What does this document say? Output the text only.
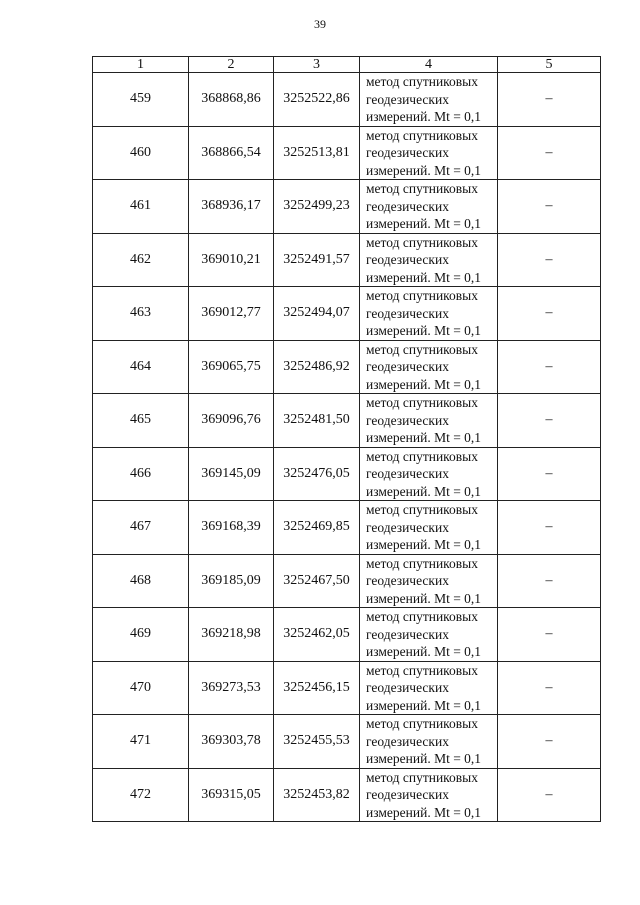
39
1	2	3	4	5
459	368868,86	3252522,86	метод спутниковых
геодезических
измерений. Mt = 0,1	–
460	368866,54	3252513,81	метод спутниковых
геодезических
измерений. Mt = 0,1	–
461	368936,17	3252499,23	метод спутниковых
геодезических
измерений. Mt = 0,1	–
462	369010,21	3252491,57	метод спутниковых
геодезических
измерений. Mt = 0,1	–
463	369012,77	3252494,07	метод спутниковых
геодезических
измерений. Mt = 0,1	–
464	369065,75	3252486,92	метод спутниковых
геодезических
измерений. Mt = 0,1	–
465	369096,76	3252481,50	метод спутниковых
геодезических
измерений. Mt = 0,1	–
466	369145,09	3252476,05	метод спутниковых
геодезических
измерений. Mt = 0,1	–
467	369168,39	3252469,85	метод спутниковых
геодезических
измерений. Mt = 0,1	–
468	369185,09	3252467,50	метод спутниковых
геодезических
измерений. Mt = 0,1	–
469	369218,98	3252462,05	метод спутниковых
геодезических
измерений. Mt = 0,1	–
470	369273,53	3252456,15	метод спутниковых
геодезических
измерений. Mt = 0,1	–
471	369303,78	3252455,53	метод спутниковых
геодезических
измерений. Mt = 0,1	–
472	369315,05	3252453,82	метод спутниковых
геодезических
измерений. Mt = 0,1	–
